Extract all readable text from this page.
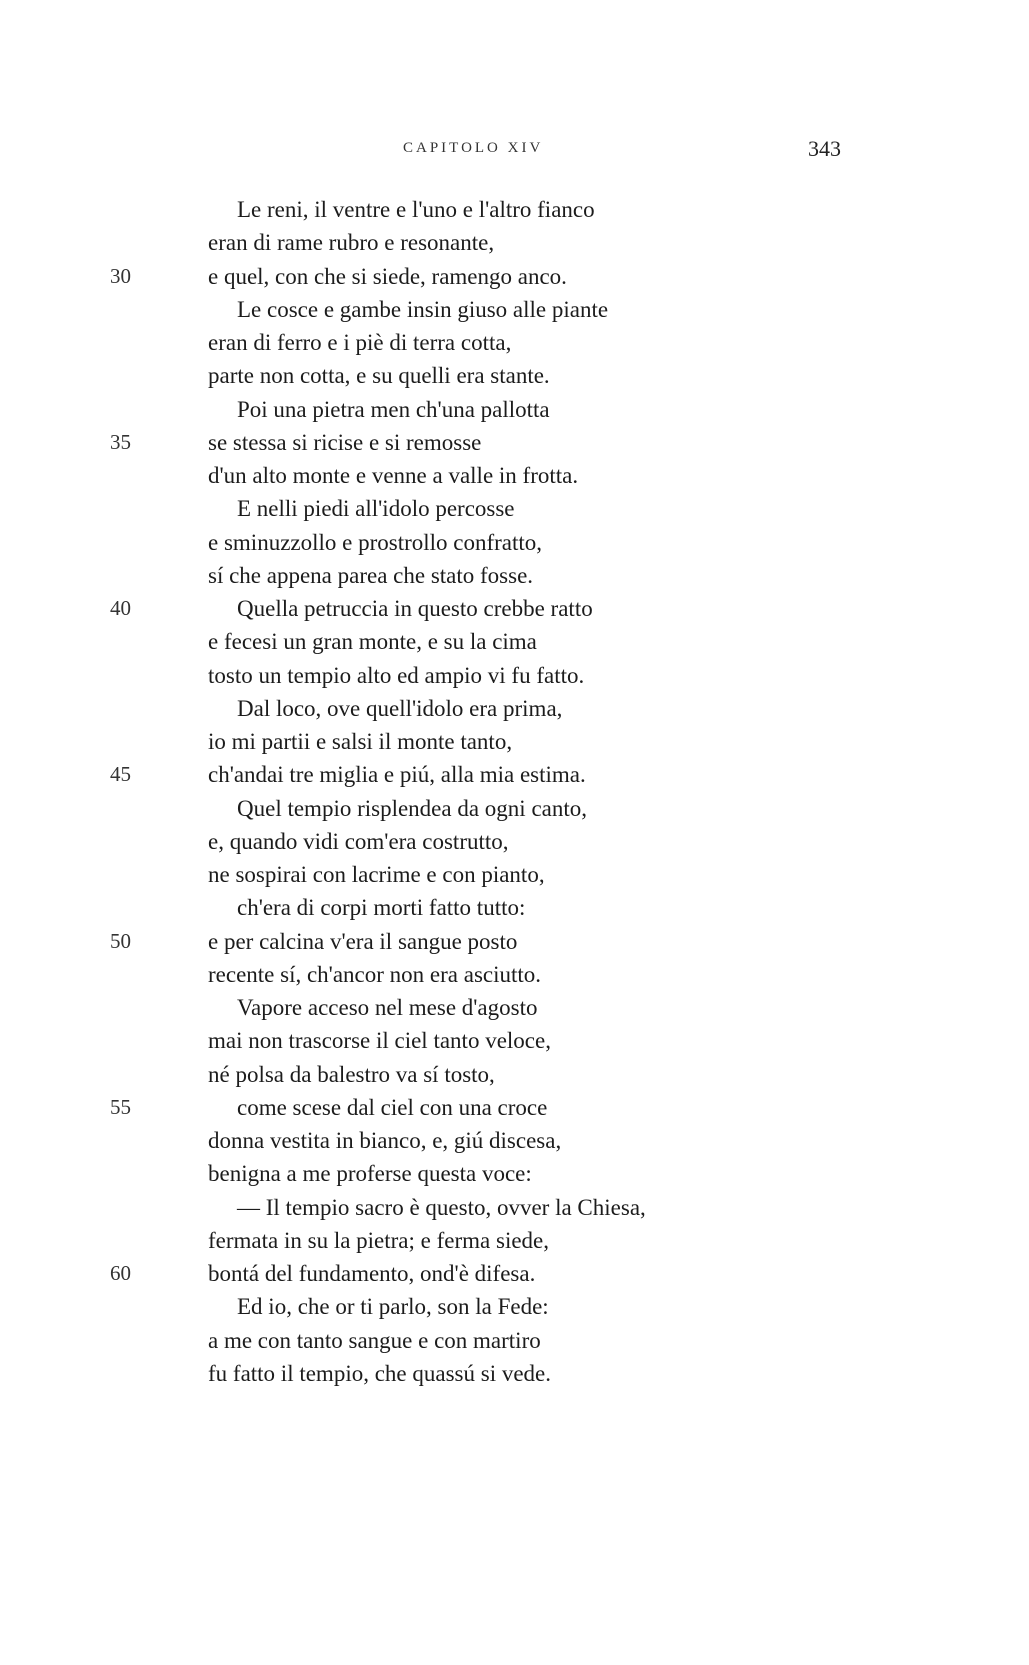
CAPITOLO XIV	343
Le reni, il ventre e l'uno e l'altro fianco
eran di rame rubro e resonante,
30	e quel, con che si siede, ramengo anco.
Le cosce e gambe insin giuso alle piante
eran di ferro e i piè di terra cotta,
parte non cotta, e su quelli era stante.
Poi una pietra men ch'una pallotta
35	se stessa si ricise e si remosse
d'un alto monte e venne a valle in frotta.
E nelli piedi all'idolo percosse
e sminuzzollo e prostrollo confratto,
sí che appena parea che stato fosse.
40	Quella petruccia in questo crebbe ratto
e fecesi un gran monte, e su la cima
tosto un tempio alto ed ampio vi fu fatto.
Dal loco, ove quell'idolo era prima,
io mi partii e salsi il monte tanto,
45	ch'andai tre miglia e piú, alla mia estima.
Quel tempio risplendea da ogni canto,
e, quando vidi com'era costrutto,
ne sospirai con lacrime e con pianto,
ch'era di corpi morti fatto tutto:
50	e per calcina v'era il sangue posto
recente sí, ch'ancor non era asciutto.
Vapore acceso nel mese d'agosto
mai non trascorse il ciel tanto veloce,
né polsa da balestro va sí tosto,
55	come scese dal ciel con una croce
donna vestita in bianco, e, giú discesa,
benigna a me proferse questa voce:
— Il tempio sacro è questo, ovver la Chiesa,
fermata in su la pietra; e ferma siede,
60	bontá del fundamento, ond'è difesa.
Ed io, che or ti parlo, son la Fede:
a me con tanto sangue e con martiro
fu fatto il tempio, che quassú si vede.
